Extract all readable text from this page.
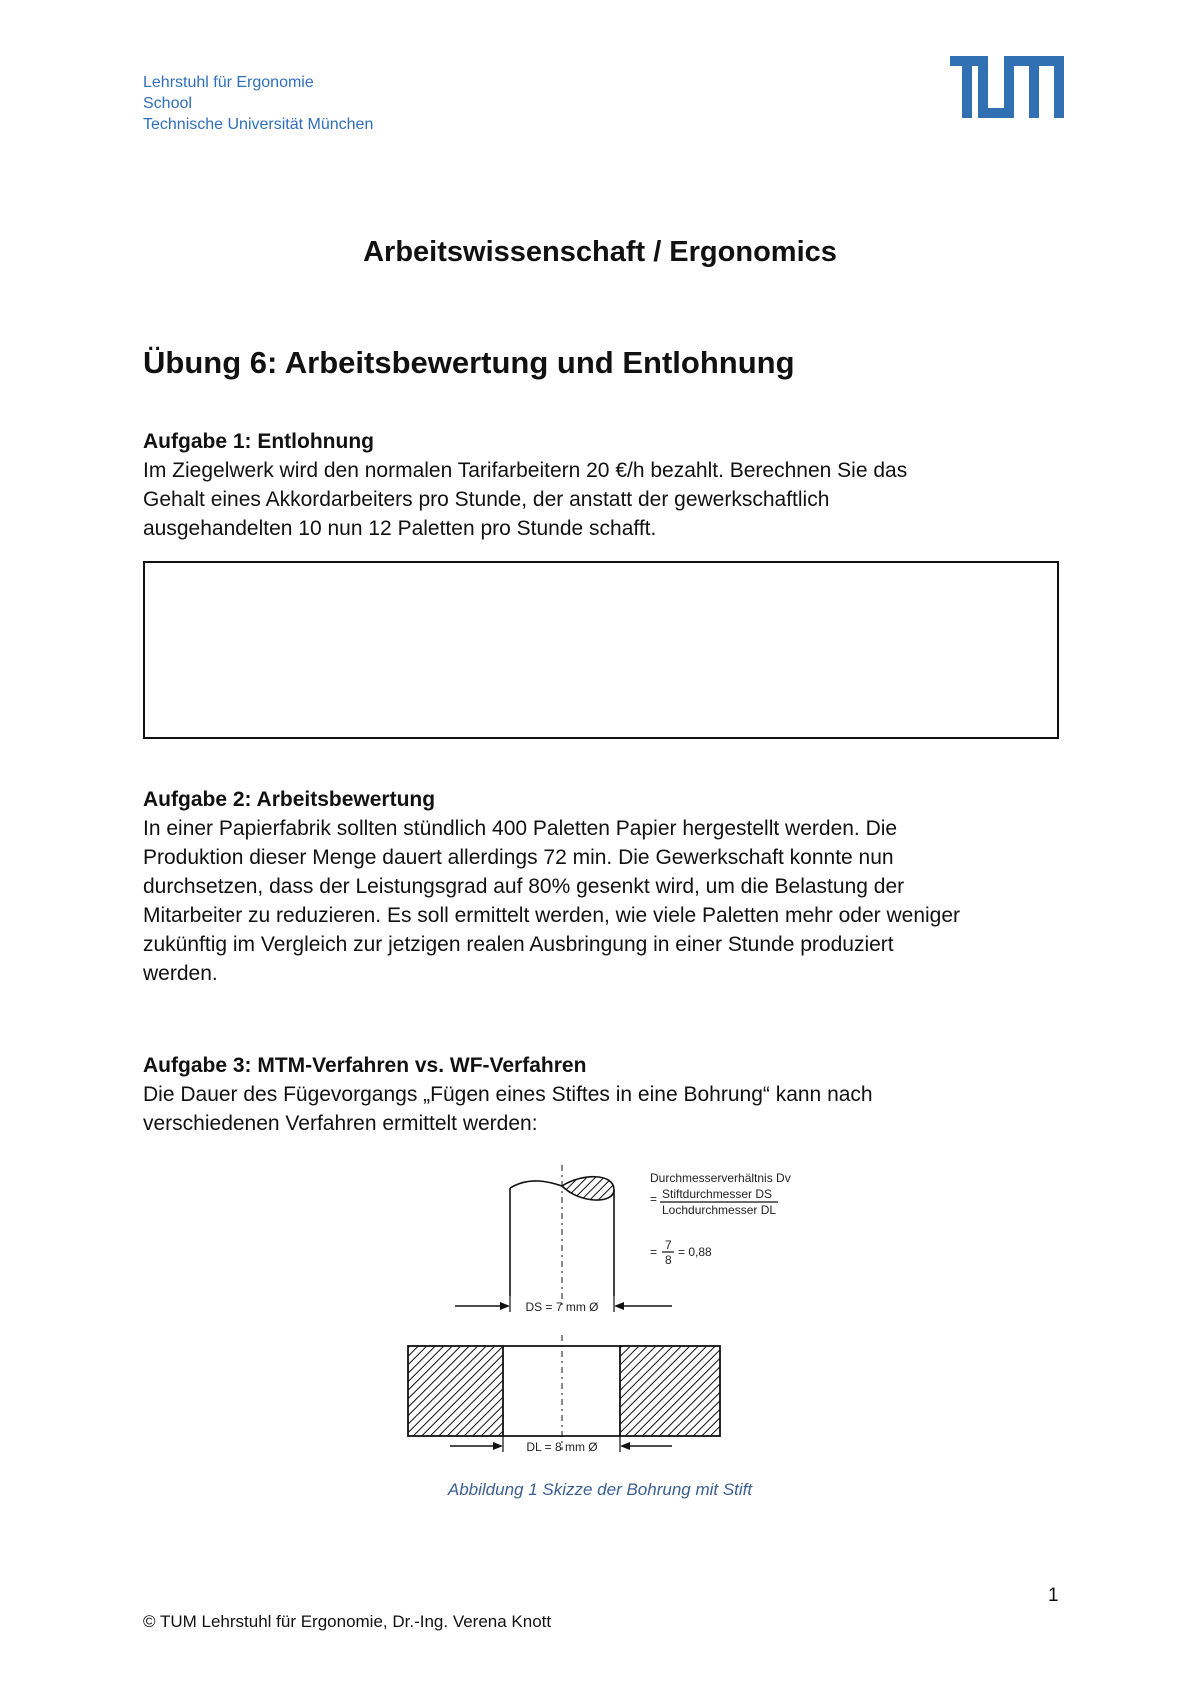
Lehrstuhl für Ergonomie
School
Technische Universität München
Arbeitswissenschaft / Ergonomics
Übung 6: Arbeitsbewertung und Entlohnung
Aufgabe 1: Entlohnung

Im Ziegelwerk wird den normalen Tarifarbeitern 20 €/h bezahlt. Berechnen Sie das

Gehalt eines Akkordarbeiters pro Stunde, der anstatt der gewerkschaftlich

ausgehandelten 10 nun 12 Paletten pro Stunde schafft.

Aufgabe 2: Arbeitsbewertung

In einer Papierfabrik sollten stündlich 400 Paletten Papier hergestellt werden. Die

Produktion dieser Menge dauert allerdings 72 min. Die Gewerkschaft konnte nun

durchsetzen, dass der Leistungsgrad auf 80% gesenkt wird, um die Belastung der

Mitarbeiter zu reduzieren. Es soll ermittelt werden, wie viele Paletten mehr oder weniger

zukünftig im Vergleich zur jetzigen realen Ausbringung in einer Stunde produziert

werden.

Aufgabe 3: MTM-Verfahren vs. WF-Verfahren

Die Dauer des Fügevorgangs „Fügen eines Stiftes in eine Bohrung“ kann nach

verschiedenen Verfahren ermittelt werden:

DS = 7 mm Ø
DL = 8 mm Ø
Durchmesserverhältnis Dv
= Stiftdurchmesser DS
Lochdurchmesser DL
= 7
8
= 0,88
Abbildung 1 Skizze der Bohrung mit Stift
1
© TUM Lehrstuhl für Ergonomie, Dr.-Ing. Verena Knott
